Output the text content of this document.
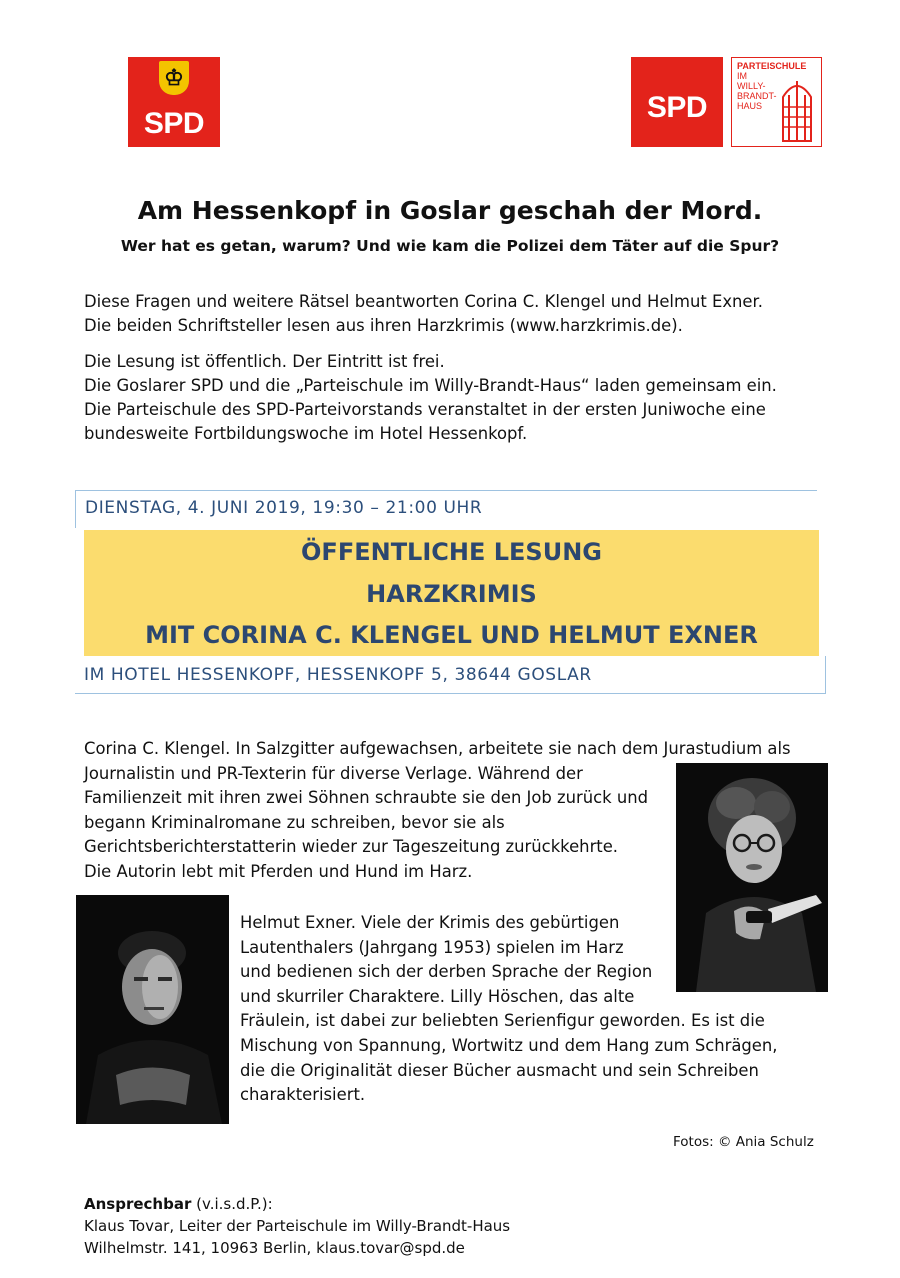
♔
SPD	SPD
PARTEISCHULE
IM WILLY-
BRANDT-
HAUS
Am Hessenkopf in Goslar geschah der Mord.

Wer hat es getan, warum? Und wie kam die Polizei dem Täter auf die Spur?

Diese Fragen und weitere Rätsel beantworten Corina C. Klengel und Helmut Exner.
Die beiden Schriftsteller lesen aus ihren Harzkrimis (www.harzkrimis.de).

Die Lesung ist öffentlich. Der Eintritt ist frei.
Die Goslarer SPD und die „Parteischule im Willy-Brandt-Haus“ laden gemeinsam ein.
Die Parteischule des SPD-Parteivorstands veranstaltet in der ersten Juniwoche eine
bundesweite Fortbildungswoche im Hotel Hessenkopf.

DIENSTAG, 4. JUNI 2019, 19:30 – 21:00 UHR
ÖFFENTLICHE LESUNG
HARZKRIMIS
MIT CORINA C. KLENGEL UND HELMUT EXNER
IM HOTEL HESSENKOPF, HESSENKOPF 5, 38644 GOSLAR

Corina C. Klengel. In Salzgitter aufgewachsen, arbeitete sie nach dem Jurastudium als
Journalistin und PR-Texterin für diverse Verlage. Während der
Familienzeit mit ihren zwei Söhnen schraubte sie den Job zurück und
begann Kriminalromane zu schreiben, bevor sie als
Gerichtsberichterstatterin wieder zur Tageszeitung zurückkehrte.
Die Autorin lebt mit Pferden und Hund im Harz.

Helmut Exner. Viele der Krimis des gebürtigen
Lautenthalers (Jahrgang 1953) spielen im Harz
und bedienen sich der derben Sprache der Region
und skurriler Charaktere. Lilly Höschen, das alte
Fräulein, ist dabei zur beliebten Serienfigur geworden. Es ist die
Mischung von Spannung, Wortwitz und dem Hang zum Schrägen,
die die Originalität dieser Bücher ausmacht und sein Schreiben
charakterisiert.

Fotos: © Ania Schulz

Ansprechbar (v.i.s.d.P.):
Klaus Tovar, Leiter der Parteischule im Willy-Brandt-Haus
Wilhelmstr. 141, 10963 Berlin, klaus.tovar@spd.de
